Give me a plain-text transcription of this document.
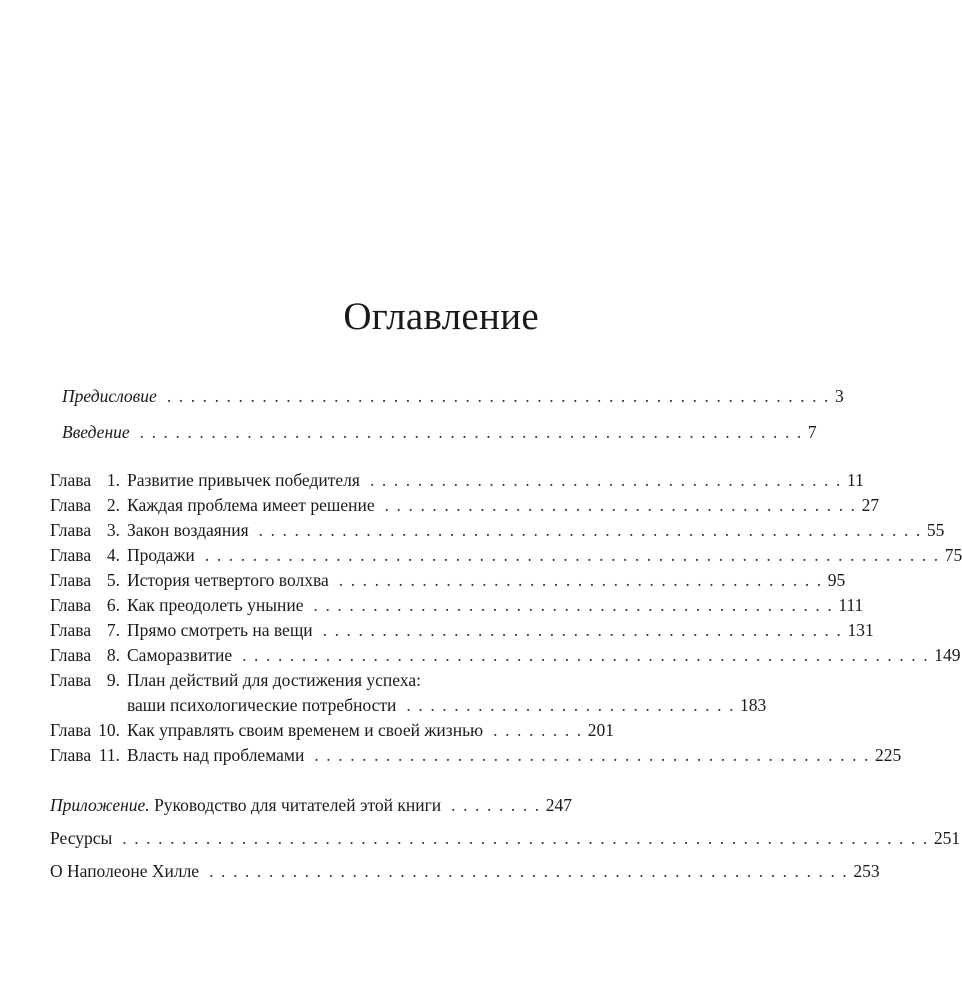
Оглавление
Предисловие . . . . . . . . . . . . . . . . . . . . . . . . . . . . . . . . . . . . . . . . . . . . . . . . . . . . . . . . 3
Введение . . . . . . . . . . . . . . . . . . . . . . . . . . . . . . . . . . . . . . . . . . . . . . . . . . . . . . . . 7
Глава 1. Развитие привычек победителя . . . . . . . . . . . . . . . . . . . . . . . . . . . . . . . . . . . . . . . . 11
Глава 2. Каждая проблема имеет решение . . . . . . . . . . . . . . . . . . . . . . . . . . . . . . . . . . . . . . . . 27
Глава 3. Закон воздаяния . . . . . . . . . . . . . . . . . . . . . . . . . . . . . . . . . . . . . . . . . . . . . . . . . . . . . . . . 55
Глава 4. Продажи . . . . . . . . . . . . . . . . . . . . . . . . . . . . . . . . . . . . . . . . . . . . . . . . . . . . . . . . . . . . . . 75
Глава 5. История четвертого волхва . . . . . . . . . . . . . . . . . . . . . . . . . . . . . . . . . . . . . . . . . 95
Глава 6. Как преодолеть уныние . . . . . . . . . . . . . . . . . . . . . . . . . . . . . . . . . . . . . . . . . . . . 111
Глава 7. Прямо смотреть на вещи . . . . . . . . . . . . . . . . . . . . . . . . . . . . . . . . . . . . . . . . . . . . 131
Глава 8. Саморазвитие . . . . . . . . . . . . . . . . . . . . . . . . . . . . . . . . . . . . . . . . . . . . . . . . . . . . . . . . . . 149
Глава 9. План действий для достижения успеха:
ваши психологические потребности . . . . . . . . . . . . . . . . . . . . . . . . . . . . 183
Глава 10. Как управлять своим временем и своей жизнью . . . . . . . . 201
Глава 11. Власть над проблемами . . . . . . . . . . . . . . . . . . . . . . . . . . . . . . . . . . . . . . . . . . . . . . . 225
Приложение. Руководство для читателей этой книги . . . . . . . . 247
Ресурсы . . . . . . . . . . . . . . . . . . . . . . . . . . . . . . . . . . . . . . . . . . . . . . . . . . . . . . . . . . . . . . . . . . . . 251
О Наполеоне Хилле . . . . . . . . . . . . . . . . . . . . . . . . . . . . . . . . . . . . . . . . . . . . . . . . . . . . . . 253
